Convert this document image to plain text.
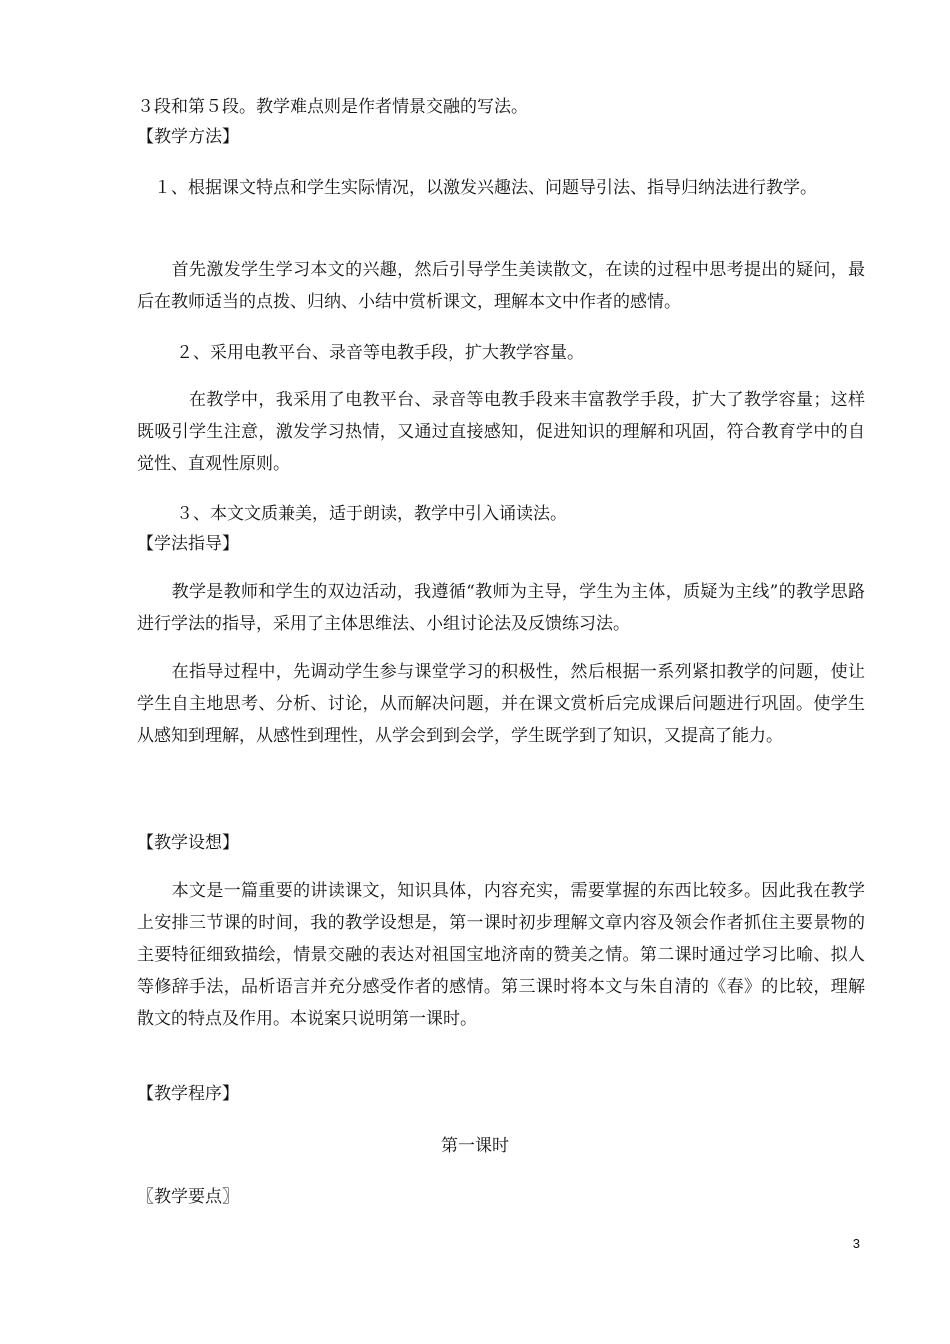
３段和第５段。教学难点则是作者情景交融的写法。
【教学方法】
　１、根据课文特点和学生实际情况，以激发兴趣法、问题导引法、指导归纳法进行教学。
　　首先激发学生学习本文的兴趣，然后引导学生美读散文，在读的过程中思考提出的疑问，最后在教师适当的点拨、归纳、小结中赏析课文，理解本文中作者的感情。
２、采用电教平台、录音等电教手段，扩大教学容量。
　　　在教学中，我采用了电教平台、录音等电教手段来丰富教学手段，扩大了教学容量；这样既吸引学生注意，激发学习热情，又通过直接感知，促进知识的理解和巩固，符合教育学中的自觉性、直观性原则。
３、本文文质兼美，适于朗读，教学中引入诵读法。
【学法指导】
　　教学是教师和学生的双边活动，我遵循“教师为主导，学生为主体，质疑为主线”的教学思路进行学法的指导，采用了主体思维法、小组讨论法及反馈练习法。
　　在指导过程中，先调动学生参与课堂学习的积极性，然后根据一系列紧扣教学的问题，使让学生自主地思考、分析、讨论，从而解决问题，并在课文赏析后完成课后问题进行巩固。使学生从感知到理解，从感性到理性，从学会到到会学，学生既学到了知识，又提高了能力。
【教学设想】
　　本文是一篇重要的讲读课文，知识具体，内容充实，需要掌握的东西比较多。因此我在教学上安排三节课的时间，我的教学设想是，第一课时初步理解文章内容及领会作者抓住主要景物的主要特征细致描绘，情景交融的表达对祖国宝地济南的赞美之情。第二课时通过学习比喻、拟人等修辞手法，品析语言并充分感受作者的感情。第三课时将本文与朱自清的《春》的比较，理解散文的特点及作用。本说案只说明第一课时。
【教学程序】
第一课时
〖教学要点〗
3
